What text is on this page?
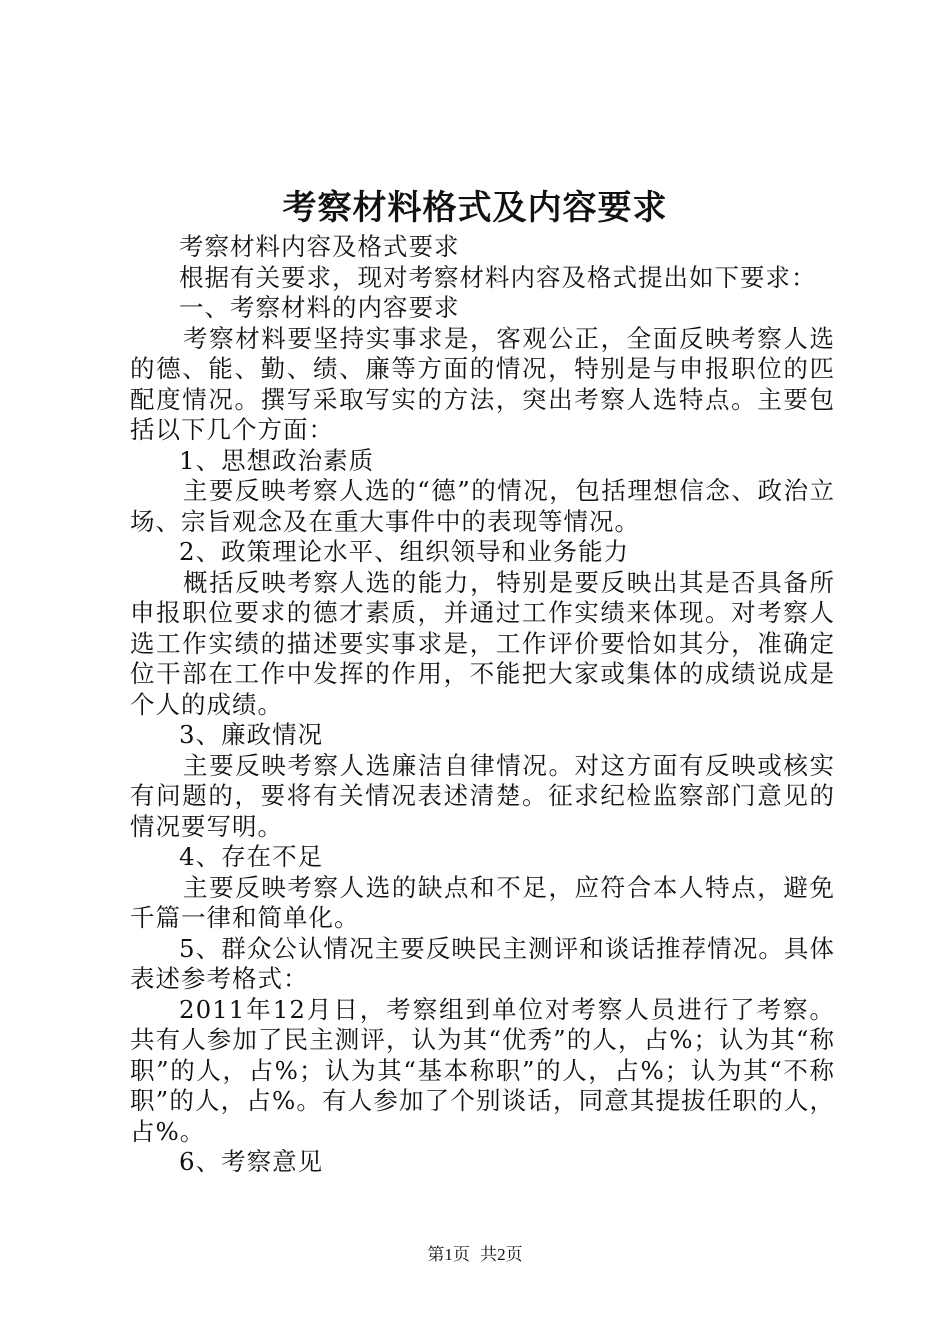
考察材料格式及内容要求

考察材料内容及格式要求

根据有关要求，现对考察材料内容及格式提出如下要求：

一、考察材料的内容要求

考察材料要坚持实事求是，客观公正，全面反映考察人选的德、能、勤、绩、廉等方面的情况，特别是与申报职位的匹配度情况。撰写采取写实的方法，突出考察人选特点。主要包括以下几个方面：

1、思想政治素质

主要反映考察人选的“德”的情况，包括理想信念、政治立场、宗旨观念及在重大事件中的表现等情况。

2、政策理论水平、组织领导和业务能力

概括反映考察人选的能力，特别是要反映出其是否具备所申报职位要求的德才素质，并通过工作实绩来体现。对考察人选工作实绩的描述要实事求是，工作评价要恰如其分，准确定位干部在工作中发挥的作用，不能把大家或集体的成绩说成是个人的成绩。

3、廉政情况

主要反映考察人选廉洁自律情况。对这方面有反映或核实有问题的，要将有关情况表述清楚。征求纪检监察部门意见的情况要写明。

4、存在不足

主要反映考察人选的缺点和不足，应符合本人特点，避免千篇一律和简单化。

5、群众公认情况主要反映民主测评和谈话推荐情况。具体表述参考格式：

2011年12月日，考察组到单位对考察人员进行了考察。共有人参加了民主测评，认为其“优秀”的人，占%；认为其“称职”的人，占%；认为其“基本称职”的人，占%；认为其“不称职”的人，占%。有人参加了个别谈话，同意其提拔任职的人，占%。

6、考察意见

第1页 共2页
